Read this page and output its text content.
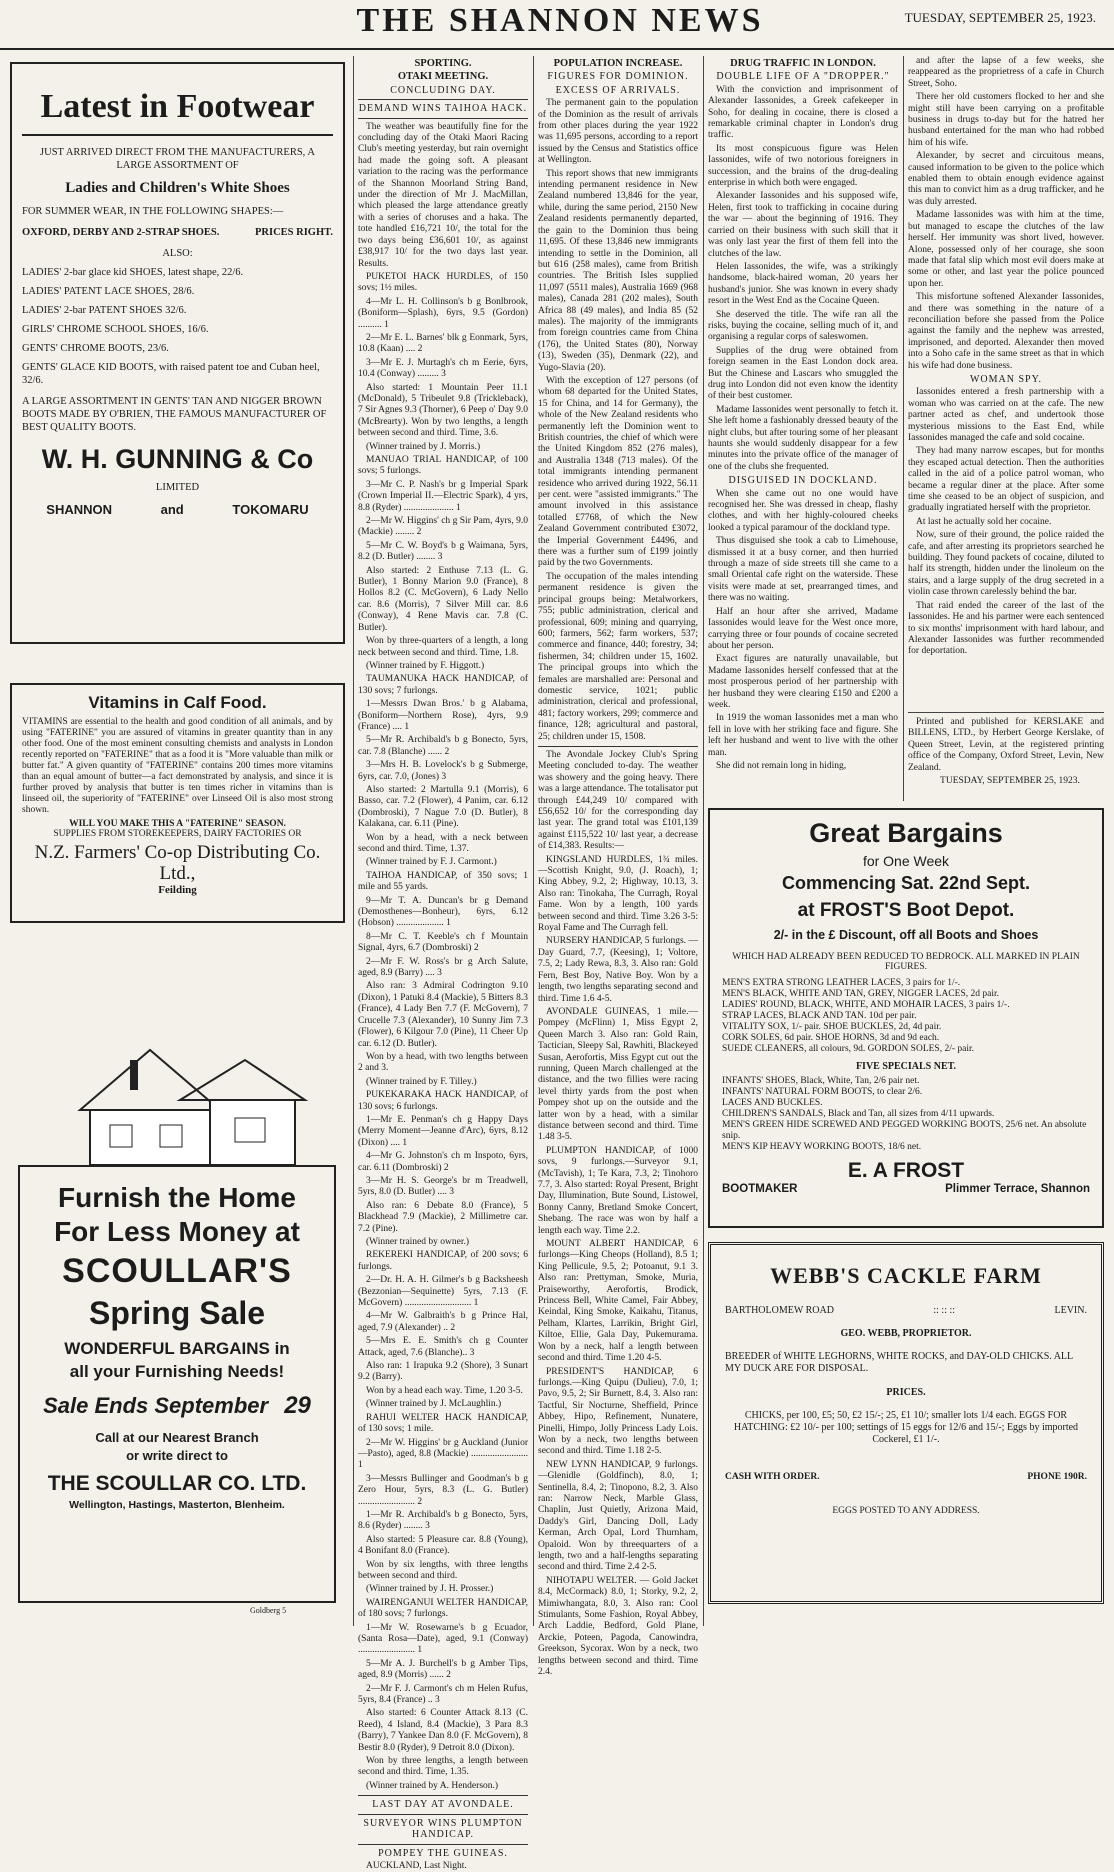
THE SHANNON NEWS	TUESDAY, SEPTEMBER 25, 1923.
Latest in Footwear
JUST ARRIVED DIRECT FROM THE MANUFACTURERS, A LARGE ASSORTMENT OF
Ladies and Children's White Shoes
FOR SUMMER WEAR, IN THE FOLLOWING SHAPES:—
OXFORD, DERBY AND 2-STRAP SHOES.	PRICES RIGHT.
ALSO:
LADIES' 2-bar glace kid SHOES, latest shape, 22/6.
LADIES' PATENT LACE SHOES, 28/6.
LADIES' 2-bar PATENT SHOES 32/6.
GIRLS' CHROME SCHOOL SHOES, 16/6.
GENTS' CHROME BOOTS, 23/6.
GENTS' GLACE KID BOOTS, with raised patent toe and Cuban heel, 32/6.
A LARGE ASSORTMENT IN GENTS' TAN AND NIGGER BROWN BOOTS MADE BY O'BRIEN, THE FAMOUS MANUFACTURER OF BEST QUALITY BOOTS.
W. H. GUNNING & Co
LIMITED
SHANNON	and	TOKOMARU
Vitamins in Calf Food.
VITAMINS are essential to the health and good condition of all animals, and by using "FATERINE" you are assured of vitamins in greater quantity than in any other food. One of the most eminent consulting chemists and analysts in London recently reported on "FATERINE" that as a food it is "More valuable than milk or butter fat." A given quantity of "FATERINE" contains 200 times more vitamins than an equal amount of butter—a fact demonstrated by analysis, and since it is further proved by analysis that butter is ten times richer in vitamins than is linseed oil, the superiority of "FATERINE" over Linseed Oil is also most strong shown.
WILL YOU MAKE THIS A "FATERINE" SEASON.
SUPPLIES FROM STOREKEEPERS, DAIRY FACTORIES OR
N.Z. Farmers' Co-op Distributing Co. Ltd.,
Feilding
Furnish the Home
For Less Money at
SCOULLAR'S
Spring Sale
WONDERFUL BARGAINS in
all your Furnishing Needs!
Sale Ends September 29
Call at our Nearest Branch
or write direct to
THE SCOULLAR CO. LTD.
Wellington, Hastings, Masterton, Blenheim.
Goldberg 5
SPORTING.
OTAKI MEETING.
CONCLUDING DAY.
DEMAND WINS TAIHOA HACK.

The weather was beautifully fine for the concluding day of the Otaki Maori Racing Club's meeting yesterday, but rain overnight had made the going soft. A pleasant variation to the racing was the performance of the Shannon Moorland String Band, under the direction of Mr J. MacMillan, which pleased the large attendance greatly with a series of choruses and a haka. The tote handled £16,721 10/, the total for the two days being £36,601 10/, as against £38,917 10/ for the two days last year. Results.

PUKETOI HACK HURDLES, of 150 sovs; 1½ miles.

4—Mr L. H. Collinson's b g Bonlbrook, (Boniform—Splash), 6yrs, 9.5 (Gordon) .......... 1

2—Mr E. L. Barnes' blk g Eonmark, 5yrs, 10.8 (Kaan) .... 2

3—Mr E. J. Murtagh's ch m Eerie, 6yrs, 10.4 (Conway) ......... 3

Also started: 1 Mountain Peer 11.1 (McDonald), 5 Tribeulet 9.8 (Trickleback), 7 Sir Agnes 9.3 (Thorner), 6 Peep o' Day 9.0 (McBrearty). Won by two lengths, a length between second and third. Time, 3.6.

(Winner trained by J. Morris.)

MANUAO TRIAL HANDICAP, of 100 sovs; 5 furlongs.

3—Mr C. P. Nash's br g Imperial Spark (Crown Imperial II.—Electric Spark), 4 yrs, 8.8 (Ryder) ..................... 1

2—Mr W. Higgins' ch g Sir Pam, 4yrs, 9.0 (Mackie) ........ 2

5—Mr C. W. Boyd's b g Waimana, 5yrs, 8.2 (D. Butler) ........ 3

Also started: 2 Enthuse 7.13 (L. G. Butler), 1 Bonny Marion 9.0 (France), 8 Hollos 8.2 (C. McGovern), 6 Lady Nello car. 8.6 (Morris), 7 Silver Mill car. 8.6 (Conway), 4 Rene Mavis car. 7.8 (C. Butler).

Won by three-quarters of a length, a long neck between second and third. Time, 1.8.

(Winner trained by F. Higgott.)

TAUMANUKA HACK HANDICAP, of 130 sovs; 7 furlongs.

1—Messrs Dwan Bros.' b g Alabama, (Boniform—Northern Rose), 4yrs, 9.9 (France) .... 1

5—Mr R. Archibald's b g Bonecto, 5yrs, car. 7.8 (Blanche) ...... 2

3—Mrs H. B. Lovelock's b g Submerge, 6yrs, car. 7.0, (Jones) 3

Also started: 2 Martulla 9.1 (Morris), 6 Basso, car. 7.2 (Flower), 4 Panim, car. 6.12 (Dombroski), 7 Nague 7.0 (D. Butler), 8 Kalakana, car. 6.11 (Pine).

Won by a head, with a neck between second and third. Time, 1.37.

(Winner trained by F. J. Carmont.)

TAIHOA HANDICAP, of 350 sovs; 1 mile and 55 yards.

9—Mr T. A. Duncan's br g Demand (Demosthenes—Bonheur), 6yrs, 6.12 (Hobson) .................... 1

8—Mr C. T. Keeble's ch f Mountain Signal, 4yrs, 6.7 (Dombroski) 2

2—Mr F. W. Ross's br g Arch Salute, aged, 8.9 (Barry) .... 3

Also ran: 3 Admiral Codrington 9.10 (Dixon), 1 Patuki 8.4 (Mackie), 5 Bitters 8.3 (France), 4 Lady Ben 7.7 (F. McGovern), 7 Crucelle 7.3 (Alexander), 10 Sunny Jim 7.3 (Flower), 6 Kilgour 7.0 (Pine), 11 Cheer Up car. 6.12 (D. Butler).

Won by a head, with two lengths between 2 and 3.

(Winner trained by F. Tilley.)

PUKEKARAKA HACK HANDICAP, of 130 sovs; 6 furlongs.

1—Mr E. Penman's ch g Happy Days (Merry Moment—Jeanne d'Arc), 6yrs, 8.12 (Dixon) .... 1

4—Mr G. Johnston's ch m Inspoto, 6yrs, car. 6.11 (Dombroski) 2

3—Mr H. S. George's br m Treadwell, 5yrs, 8.0 (D. Butler) .... 3

Also ran: 6 Debate 8.0 (France), 5 Blackhead 7.9 (Mackie), 2 Millimetre car. 7.2 (Pine).

(Winner trained by owner.)

REKEREKI HANDICAP, of 200 sovs; 6 furlongs.

2—Dr. H. A. H. Gilmer's b g Backsheesh (Bezzonian—Sequinette) 5yrs, 7.13 (F. McGovern) ............................ 1

4—Mr W. Galbraith's b g Prince Hal, aged, 7.9 (Alexander) .. 2

5—Mrs E. E. Smith's ch g Counter Attack, aged, 7.6 (Blanche).. 3

Also ran: 1 Irapuka 9.2 (Shore), 3 Sunart 9.2 (Barry).

Won by a head each way. Time, 1.20 3-5.

(Winner trained by J. McLaughlin.)

RAHUI WELTER HACK HANDICAP, of 130 sovs; 1 mile.

2—Mr W. Higgins' br g Auckland (Junior—Pasto), aged, 8.8 (Mackie) ........................ 1

3—Messrs Bullinger and Goodman's b g Zero Hour, 5yrs, 8.3 (L. G. Butler) ........................ 2

1—Mr R. Archibald's b g Bonecto, 5yrs, 8.6 (Ryder) ........ 3

Also started: 5 Pleasure car. 8.8 (Young), 4 Bonifant 8.0 (France).

Won by six lengths, with three lengths between second and third.

(Winner trained by J. H. Prosser.)

WAIRENGANUI WELTER HANDICAP, of 180 sovs; 7 furlongs.

1—Mr W. Rosewarne's b g Ecuador, (Santa Rosa—Date), aged, 9.1 (Conway) ........................ 1

5—Mr A. J. Burchell's b g Amber Tips, aged, 8.9 (Morris) ...... 2

2—Mr F. J. Carmont's ch m Helen Rufus, 5yrs, 8.4 (France) .. 3

Also started: 6 Counter Attack 8.13 (C. Reed), 4 Island, 8.4 (Mackie), 3 Para 8.3 (Barry), 7 Yankee Dan 8.0 (F. McGovern), 8 Bestir 8.0 (Ryder), 9 Detroit 8.0 (Dixon).

Won by three lengths, a length between second and third. Time, 1.35.

(Winner trained by A. Henderson.)

LAST DAY AT AVONDALE.
SURVEYOR WINS PLUMPTON HANDICAP.
POMPEY THE GUINEAS.

AUCKLAND, Last Night.

POPULATION INCREASE.
FIGURES FOR DOMINION.
EXCESS OF ARRIVALS.

The permanent gain to the population of the Dominion as the result of arrivals from other places during the year 1922 was 11,695 persons, according to a report issued by the Census and Statistics office at Wellington.

This report shows that new immigrants intending permanent residence in New Zealand numbered 13,846 for the year, while, during the same period, 2150 New Zealand residents permanently departed, the gain to the Dominion thus being 11,695. Of these 13,846 new immigrants intending to settle in the Dominion, all but 616 (258 males), came from British countries. The British Isles supplied 11,097 (5511 males), Australia 1669 (968 males), Canada 281 (202 males), South Africa 88 (49 males), and India 85 (52 males). The majority of the immigrants from foreign countries came from China (176), the United States (80), Norway (13), Sweden (35), Denmark (22), and Yugo-Slavia (20).

With the exception of 127 persons (of whom 68 departed for the United States, 15 for China, and 14 for Germany), the whole of the New Zealand residents who permanently left the Dominion went to British countries, the chief of which were the United Kingdom 852 (276 males), and Australia 1348 (713 males). Of the total immigrants intending permanent residence who arrived during 1922, 56.11 per cent. were "assisted immigrants." The amount involved in this assistance totalled £7768, of which the New Zealand Government contributed £3072, the Imperial Government £4496, and there was a further sum of £199 jointly paid by the two Governments.

The occupation of the males intending permanent residence is given the principal groups being: Metalworkers, 755; public administration, clerical and professional, 609; mining and quarrying, 600; farmers, 562; farm workers, 537; commerce and finance, 440; forestry, 34; fishermen, 34; children under 15, 1602. The principal groups into which the females are marshalled are: Personal and domestic service, 1021; public administration, clerical and professional, 481; factory workers, 299; commerce and finance, 128; agricultural and pastoral, 25; children under 15, 1508.

The Avondale Jockey Club's Spring Meeting concluded to-day. The weather was showery and the going heavy. There was a large attendance. The totalisator put through £44,249 10/ compared with £56,652 10/ for the corresponding day last year. The grand total was £101,139 against £115,522 10/ last year, a decrease of £14,383. Results:—

KINGSLAND HURDLES, 1¾ miles. —Scottish Knight, 9.0, (J. Roach), 1; King Abbey, 9.2, 2; Highway, 10.13, 3. Also ran: Tinokaha, The Curragh, Royal Fame. Won by a length, 100 yards between second and third. Time 3.26 3-5: Royal Fame and The Curragh fell.

NURSERY HANDICAP, 5 furlongs. —Day Guard, 7.7, (Keesing), 1; Voltore, 7.5, 2; Lady Rewa, 8.3, 3. Also ran: Gold Fern, Best Boy, Native Boy. Won by a length, two lengths separating second and third. Time 1.6 4-5.

AVONDALE GUINEAS, 1 mile.—Pompey (McFlinn) 1, Miss Egypt 2, Queen March 3. Also ran: Gold Rain, Tactician, Sleepy Sal, Rawhiti, Blackeyed Susan, Aerofortis, Miss Egypt cut out the running, Queen March challenged at the distance, and the two fillies were racing level thirty yards from the post when Pompey shot up on the outside and the latter won by a head, with a similar distance between second and third. Time 1.48 3-5.

PLUMPTON HANDICAP, of 1000 sovs, 9 furlongs.—Surveyor 9.1, (McTavish), 1; Te Kara, 7.3, 2; Tinohoro 7.7, 3. Also started: Royal Present, Bright Day, Illumination, Bute Sound, Listowel, Bonny Canny, Bretland Smoke Concert, Shebang. The race was won by half a length each way. Time 2.2.

MOUNT ALBERT HANDICAP, 6 furlongs—King Cheops (Holland), 8.5 1; King Pellicule, 9.5, 2; Potoanut, 9.1 3. Also ran: Prettyman, Smoke, Muria, Praiseworthy, Aerofortis, Brodick, Princess Bell, White Camel, Fair Abbey, Keindal, King Smoke, Kaikahu, Titanus, Pelham, Klartes, Larrikin, Bright Girl, Kiltoe, Ellie, Gala Day, Pukemurama. Won by a neck, half a length between second and third. Time 1.20 4-5.

PRESIDENT'S HANDICAP, 6 furlongs.—King Quipu (Dulieu), 7.0, 1; Pavo, 9.5, 2; Sir Burnett, 8.4, 3. Also ran: Tactful, Sir Nocturne, Sheffield, Prince Abbey, Hipo, Refinement, Nunatere, Pinelli, Himpo, Jolly Princess Lady Lois. Won by a neck, two lengths between second and third. Time 1.18 2-5.

NEW LYNN HANDICAP, 9 furlongs.—Glenidle (Goldfinch), 8.0, 1; Sentinella, 8.4, 2; Tinopono, 8.2, 3. Also ran: Narrow Neck, Marble Glass, Chaplin, Just Quietly, Arizona Maid, Daddy's Girl, Dancing Doll, Lady Kerman, Arch Opal, Lord Thurnham, Opaloid. Won by threequarters of a length, two and a half-lengths separating second and third. Time 2.4 2-5.

NIHOTAPU WELTER. — Gold Jacket 8.4, McCormack) 8.0, 1; Storky, 9.2, 2, Mimiwhangata, 8.0, 3. Also ran: Cool Stimulants, Some Fashion, Royal Abbey, Arch Laddie, Bedford, Gold Plane, Arckie, Poteen, Pagoda, Canowindra, Greekson, Sycorax. Won by a neck, two lengths between second and third. Time 2.4.

DRUG TRAFFIC IN LONDON.
DOUBLE LIFE OF A "DROPPER."

With the conviction and imprisonment of Alexander Iassonides, a Greek cafekeeper in Soho, for dealing in cocaine, there is closed a remarkable criminal chapter in London's drug traffic.

Its most conspicuous figure was Helen Iassonides, wife of two notorious foreigners in succession, and the brains of the drug-dealing enterprise in which both were engaged.

Alexander Iassonides and his supposed wife, Helen, first took to trafficking in cocaine during the war — about the beginning of 1916. They carried on their business with such skill that it was only last year the first of them fell into the clutches of the law.

Helen Iassonides, the wife, was a strikingly handsome, black-haired woman, 20 years her husband's junior. She was known in every shady resort in the West End as the Cocaine Queen.

She deserved the title. The wife ran all the risks, buying the cocaine, selling much of it, and organising a regular corps of saleswomen.

Supplies of the drug were obtained from foreign seamen in the East London dock area. But the Chinese and Lascars who smuggled the drug into London did not even know the identity of their best customer.

Madame Iassonides went personally to fetch it. She left home a fashionably dressed beauty of the night clubs, but after touring some of her pleasant haunts she would suddenly disappear for a few minutes into the private office of the manager of one of the clubs she frequented.

DISGUISED IN DOCKLAND.

When she came out no one would have recognised her. She was dressed in cheap, flashy clothes, and with her highly-coloured cheeks looked a typical paramour of the dockland type.

Thus disguised she took a cab to Limehouse, dismissed it at a busy corner, and then hurried through a maze of side streets till she came to a small Oriental cafe right on the waterside. These visits were made at set, prearranged times, and there was no waiting.

Half an hour after she arrived, Madame Iassonides would leave for the West once more, carrying three or four pounds of cocaine secreted about her person.

Exact figures are naturally unavailable, but Madame Iassonides herself confessed that at the most prosperous period of her partnership with her husband they were clearing £150 and £200 a week.

In 1919 the woman Iassonides met a man who fell in love with her striking face and figure. She left her husband and went to live with the other man.

She did not remain long in hiding,

and after the lapse of a few weeks, she reappeared as the proprietress of a cafe in Church Street, Soho.

There her old customers flocked to her and she might still have been carrying on a profitable business in drugs to-day but for the hatred her husband entertained for the man who had robbed him of his wife.

Alexander, by secret and circuitous means, caused information to be given to the police which enabled them to obtain enough evidence against this man to convict him as a drug trafficker, and he was duly arrested.

Madame Iassonides was with him at the time, but managed to escape the clutches of the law herself. Her immunity was short lived, however. Alone, possessed only of her courage, she soon made that fatal slip which most evil doers make at some or other, and last year the police pounced upon her.

This misfortune softened Alexander Iassonides, and there was something in the nature of a reconciliation before she passed from the Police against the family and the nephew was arrested, imprisoned, and deported. Alexander then moved into a Soho cafe in the same street as that in which his wife had done business.

WOMAN SPY.

Iassonides entered a fresh partnership with a woman who was carried on at the cafe. The new partner acted as chef, and undertook those mysterious missions to the East End, while Iassonides managed the cafe and sold cocaine.

They had many narrow escapes, but for months they escaped actual detection. Then the authorities called in the aid of a police patrol woman, who became a regular diner at the place. After some time she ceased to be an object of suspicion, and gradually ingratiated herself with the proprietor.

At last he actually sold her cocaine.

Now, sure of their ground, the police raided the cafe, and after arresting its proprietors searched he building. They found packets of cocaine, diluted to half its strength, hidden under the linoleum on the stairs, and a large supply of the drug secreted in a violin case thrown carelessly behind the bar.

That raid ended the career of the last of the Iassonides. He and his partner were each sentenced to six months' imprisonment with hard labour, and Alexander Iassonides was further recommended for deportation.

Printed and published for KERSLAKE and BILLENS, LTD., by Herbert George Kerslake, of Queen Street, Levin, at the registered printing office of the Company, Oxford Street, Levin, New Zealand.

TUESDAY, SEPTEMBER 25, 1923.

Great Bargains
for One Week
Commencing Sat. 22nd Sept.
at FROST'S Boot Depot.
2/- in the £ Discount, off all Boots and Shoes
WHICH HAD ALREADY BEEN REDUCED TO BEDROCK. ALL MARKED IN PLAIN FIGURES.
MEN'S EXTRA STRONG LEATHER LACES, 3 pairs for 1/-.
MEN'S BLACK, WHITE AND TAN, GREY, NIGGER LACES, 2d pair.
LADIES' ROUND, BLACK, WHITE, AND MOHAIR LACES, 3 pairs 1/-.
STRAP LACES, BLACK AND TAN. 10d per pair.
VITALITY SOX, 1/- pair. SHOE BUCKLES, 2d, 4d pair.
CORK SOLES, 6d pair. SHOE HORNS, 3d and 9d each.
SUEDE CLEANERS, all colours, 9d. GORDON SOLES, 2/- pair.
FIVE SPECIALS NET.
INFANTS' SHOES, Black, White, Tan, 2/6 pair net.
INFANTS' NATURAL FORM BOOTS, to clear 2/6.
LACES AND BUCKLES.
CHILDREN'S SANDALS, Black and Tan, all sizes from 4/11 upwards.
MEN'S GREEN HIDE SCREWED AND PEGGED WORKING BOOTS, 25/6 net. An absolute snip.
MEN'S KIP HEAVY WORKING BOOTS, 18/6 net.
E. A FROST
BOOTMAKER	Plimmer Terrace, Shannon
WEBB'S CACKLE FARM
BARTHOLOMEW ROAD	:: :: ::	LEVIN.
GEO. WEBB, PROPRIETOR.
BREEDER of WHITE LEGHORNS, WHITE ROCKS, and DAY-OLD CHICKS. ALL MY DUCK ARE FOR DISPOSAL.
PRICES.
CHICKS, per 100, £5; 50, £2 15/-; 25, £1 10/; smaller lots 1/4 each. EGGS FOR HATCHING: £2 10/- per 100; settings of 15 eggs for 12/6 and 15/-; Eggs by imported Cockerel, £1 1/-.
CASH WITH ORDER.	PHONE 190R.
EGGS POSTED TO ANY ADDRESS.
